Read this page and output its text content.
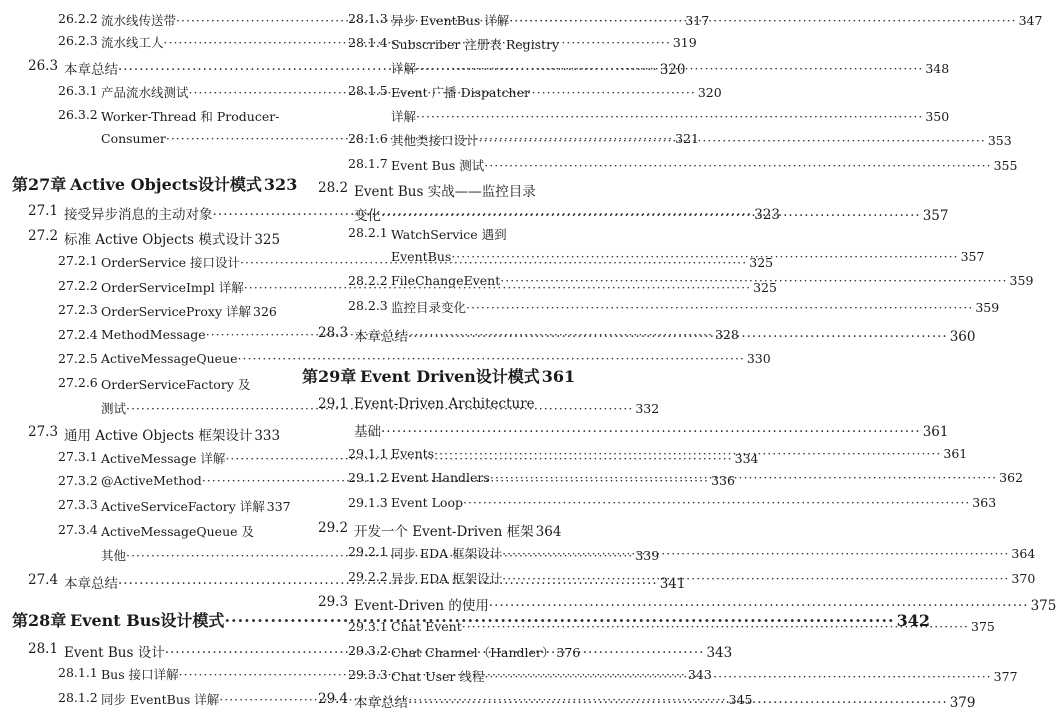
26.2.2 流水线传送带 ·····	317
26.2.3 流水线工人 ·····	319
26.3 本章总结 ·····	320
26.3.1 产品流水线测试 ·····	320
26.3.2 Worker-Thread 和 Producer-
Consumer ·····	321
第27章 Active Objects设计模式 323
27.1 接受异步消息的主动对象 ·····	323
27.2 标准 Active Objects 模式设计 325
27.2.1 OrderService 接口设计 ·····	325
27.2.2 OrderServiceImpl 详解 ·····	325
27.2.3 OrderServiceProxy 详解 326
27.2.4 MethodMessage ·····	328
27.2.5 ActiveMessageQueue ·····	330
27.2.6 OrderServiceFactory 及
测试 ·····	332
27.3 通用 Active Objects 框架设计 333
27.3.1 ActiveMessage 详解 ·····	334
27.3.2 @ActiveMethod ·····	336
27.3.3 ActiveServiceFactory 详解 337
27.3.4 ActiveMessageQueue 及
其他 ·····	339
27.4 本章总结 ·····	341
第28章 Event Bus设计模式 ·····	342
28.1 Event Bus 设计 ·····	343
28.1.1 Bus 接口详解 ·····	343
28.1.2 同步 EventBus 详解 ·····	345
28.1.3 异步 EventBus 详解 ·····	347
28.1.4 Subscriber 注册表 Registry
详解 ·····	348
28.1.5 Event 广播 Dispatcher
详解 ·····	350
28.1.6 其他类接口设计 ·····	353
28.1.7 Event Bus 测试 ·····	355
28.2 Event Bus 实战——监控目录
变化 ·····	357
28.2.1 WatchService 遇到
EventBus ·····	357
28.2.2 FileChangeEvent ·····	359
28.2.3 监控目录变化 ·····	359
28.3 本章总结 ·····	360
第29章 Event Driven设计模式 361
29.1 Event-Driven Architecture
基础 ·····	361
29.1.1 Events ·····	361
29.1.2 Event Handlers ·····	362
29.1.3 Event Loop ·····	363
29.2 开发一个 Event-Driven 框架 364
29.2.1 同步 EDA 框架设计 ·····	364
29.2.2 异步 EDA 框架设计 ·····	370
29.3 Event-Driven 的使用 ·····	375
29.3.1 Chat Event ·····	375
29.3.2 Chat Channel（Handler） 376
29.3.3 Chat User 线程 ·····	377
29.4 本章总结 ·····	379
